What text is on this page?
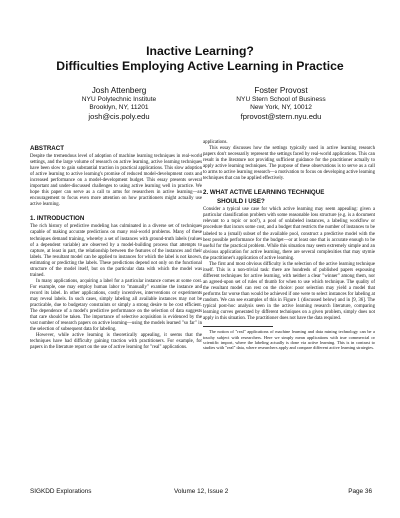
Inactive Learning?
Difficulties Employing Active Learning in Practice
Josh Attenberg
NYU Polytechnic Institute
Brooklyn, NY, 11201
josh@cis.poly.edu
Foster Provost
NYU Stern School of Business
New York, NY, 10012
fprovost@stern.nyu.edu
ABSTRACT

Despite the tremendous level of adoption of machine learning techniques in real-world settings, and the large volume of research on active learning, active learning techniques have been slow to gain substantial traction in practical applications. This slow adoption of active learning to active learning's promise of reduced model-development costs and increased performance on a model-development budget. This essay presents several important and under-discussed challenges to using active learning well in practice. We hope this paper can serve as a call to arms for researchers in active learning—an encouragement to focus even more attention on how practitioners might actually use active learning.

1. INTRODUCTION

The rich history of predictive modeling has culminated in a diverse set of techniques capable of making accurate predictions on many real-world problems. Many of these techniques demand training, whereby a set of instances with ground-truth labels (values of a dependent variable) are observed by a model-building process that attempts to capture, at least in part, the relationship between the features of the instances and their labels. The resultant model can be applied to instances for which the label is not known, estimating or predicting the labels. These predictions depend not only on the functional structure of the model itself, but on the particular data with which the model was trained.

In many applications, acquiring a label for a particular instance comes at some cost. For example, one may employ human labor to "manually" examine the instance and record its label. In other applications, costly incentives, interventions or experiments may reveal labels. In such cases, simply labeling all available instances may not be practicable, due to budgetary constraints or simply a strong desire to be cost efficient. The dependence of a model's predictive performance on the selection of data suggests that care should be taken. The importance of selective acquisition is evidenced by the vast number of research papers on active learning—using the models learned "so far" in the selection of subsequent data for labeling.

However, while active learning is theoretically appealing, it seems that the techniques have had difficulty gaining traction with practitioners. For example, for papers in the literature report on the use of active learning for "real" applications.

applications.

This essay discusses how the settings typically used in active learning research papers don't necessarily represent the settings faced by real-world applications. This can result in the literature not providing sufficient guidance for the practitioner actually to apply active learning techniques. The purpose of these observations is to serve as a call to arms to active learning research—a motivation to focus on developing active learning techniques that can be applied effectively.

2. WHAT ACTIVE LEARNING TECHNIQUE
SHOULD I USE?

Consider a typical use case for which active learning may seem appealing: given a particular classification problem with some reasonable loss structure (e.g. is a document relevant to a topic or not?), a pool of unlabeled instances, a labeling workflow or procedure that incurs some cost, and a budget that restricts the number of instances to be labeled to a (small) subset of the available pool, construct a predictive model with the best possible performance for the budget—or at least one that is accurate enough to be useful for the practical problem. While this situation may seem extremely simple and an obvious application for active learning, there are several complexities that may stymie the practitioner's application of active learning.

The first and most obvious difficulty is the selection of the active learning technique itself. This is a non-trivial task: there are hundreds of published papers espousing different techniques for active learning, with neither a clear "winner" among them, nor an agreed-upon set of rules of thumb for when to use which technique. The quality of the resultant model can rest on the choice: poor selection may yield a model that performs far worse than would be achieved if one were to select instances for labeling at random. We can see examples of this in Figure 1 (discussed below) and in [9, 36]. The typical post-hoc analysis seen in the active learning research literature, comparing learning curves generated by different techniques on a given problem, simply does not apply in this situation. The practitioner does not have the data required.

The notion of "real" applications of machine learning and data mining technology can be a touchy subject with researchers. Here we simply mean applications with true commercial or scientific import, where the labeling actually is done via active learning. This is in contrast to studies with "real" data, where researchers apply and compare different active learning strategies.

SIGKDD Explorations	Volume 12, Issue 2	Page 36
